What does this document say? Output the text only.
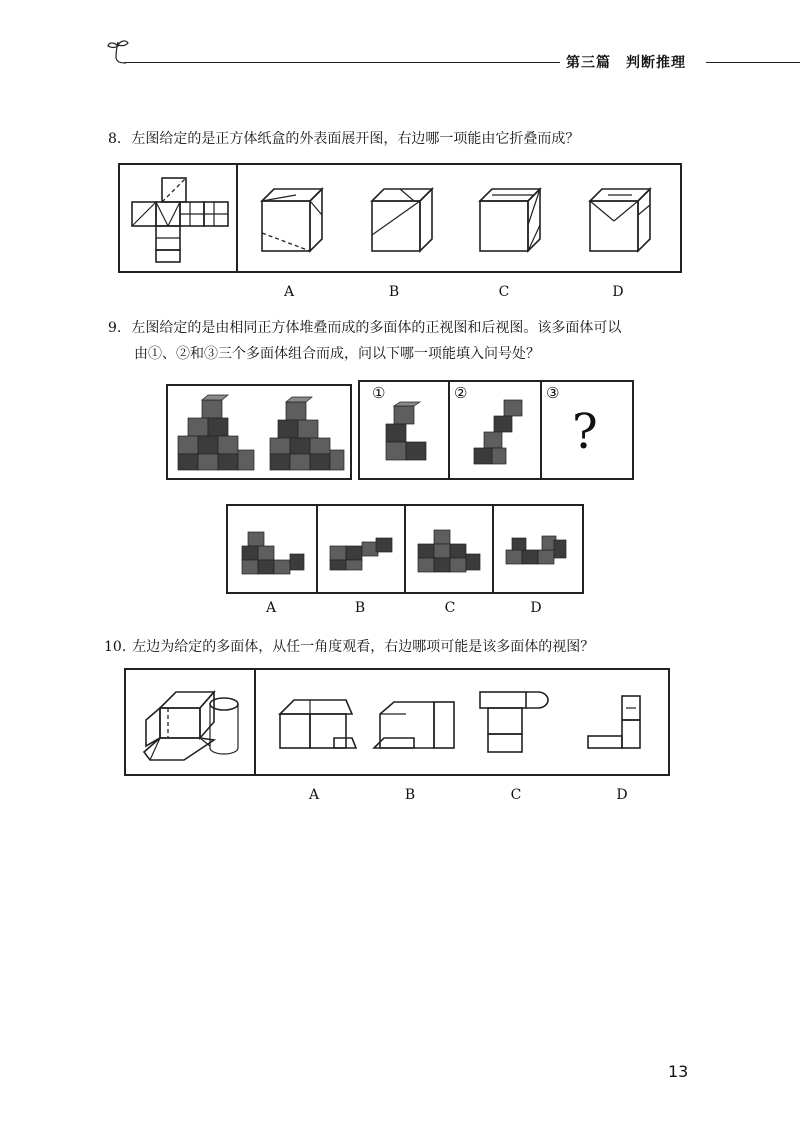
第三篇　判断推理
8. 左图给定的是正方体纸盒的外表面展开图，右边哪一项能由它折叠而成？
A	B	C	D
9. 左图给定的是由相同正方体堆叠而成的多面体的正视图和后视图。该多面体可以
由①、②和③三个多面体组合而成，问以下哪一项能填入问号处？
①	②	③
?
A	B	C	D
10. 左边为给定的多面体，从任一角度观看，右边哪项可能是该多面体的视图？
A	B	C	D
13
